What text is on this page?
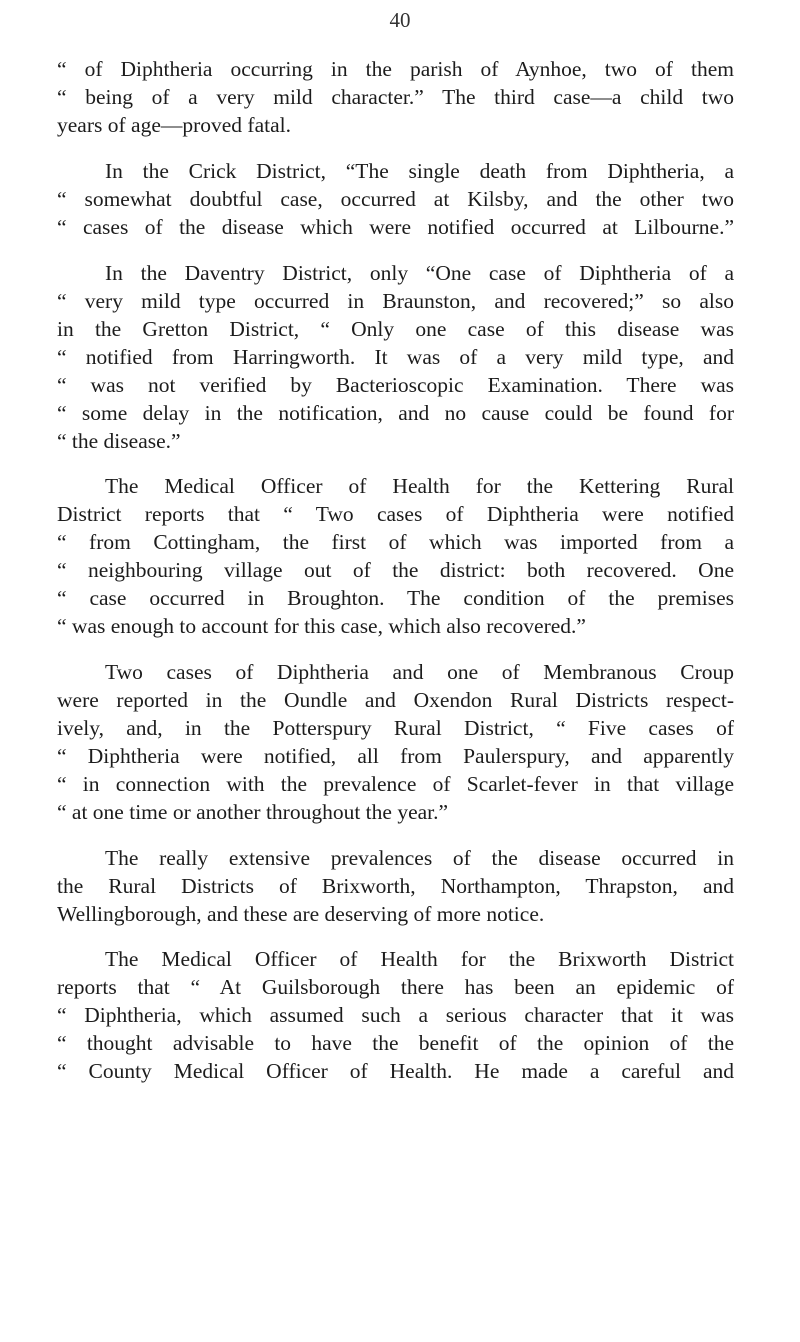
40
“ of Diphtheria occurring in the parish of Aynhoe, two of them
“ being of a very mild character.” The third case—a child two
years of age—proved fatal.
In the Crick District, “The single death from Diphtheria, a
“ somewhat doubtful case, occurred at Kilsby, and the other two
“ cases of the disease which were notified occurred at Lilbourne.”
In the Daventry District, only “One case of Diphtheria of a
“ very mild type occurred in Braunston, and recovered;” so also
in the Gretton District, “ Only one case of this disease was
“ notified from Harringworth. It was of a very mild type, and
“ was not verified by Bacterioscopic Examination. There was
“ some delay in the notification, and no cause could be found for
“ the disease.”
The Medical Officer of Health for the Kettering Rural
District reports that “ Two cases of Diphtheria were notified
“ from Cottingham, the first of which was imported from a
“ neighbouring village out of the district: both recovered. One
“ case occurred in Broughton. The condition of the premises
“ was enough to account for this case, which also recovered.”
Two cases of Diphtheria and one of Membranous Croup
were reported in the Oundle and Oxendon Rural Districts respect-
ively, and, in the Potterspury Rural District, “ Five cases of
“ Diphtheria were notified, all from Paulerspury, and apparently
“ in connection with the prevalence of Scarlet-fever in that village
“ at one time or another throughout the year.”
The really extensive prevalences of the disease occurred in
the Rural Districts of Brixworth, Northampton, Thrapston, and
Wellingborough, and these are deserving of more notice.
The Medical Officer of Health for the Brixworth District
reports that “ At Guilsborough there has been an epidemic of
“ Diphtheria, which assumed such a serious character that it was
“ thought advisable to have the benefit of the opinion of the
“ County Medical Officer of Health. He made a careful and
